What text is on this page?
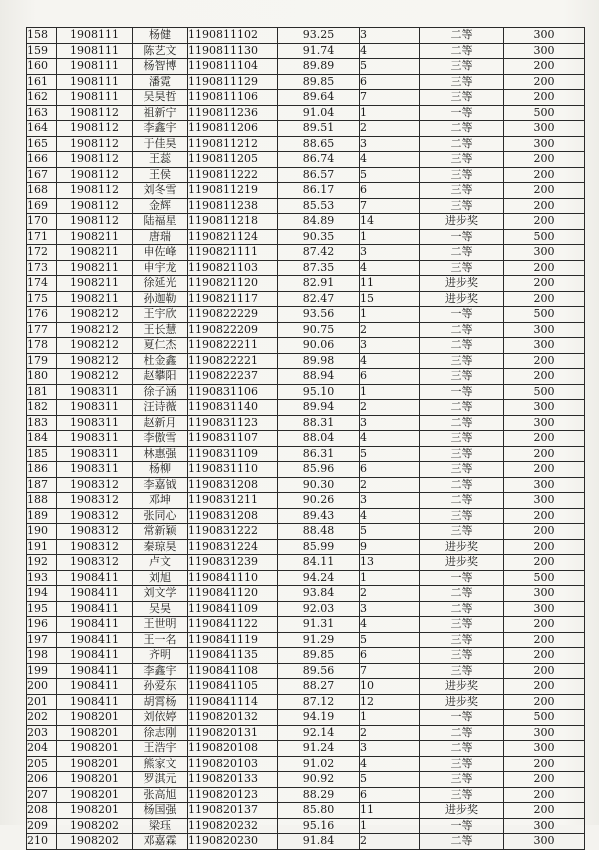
158	1908111	杨健	1190811102	93.25	3	二等	300
159	1908111	陈艺文	1190811130	91.74	4	二等	300
160	1908111	杨智博	1190811104	89.89	5	三等	200
161	1908111	潘霓	1190811129	89.85	6	三等	200
162	1908111	吴昊哲	1190811106	89.64	7	三等	200
163	1908112	祖新宁	1190811236	91.04	1	一等	500
164	1908112	李鑫宇	1190811206	89.51	2	二等	300
165	1908112	于佳昊	1190811212	88.65	3	二等	300
166	1908112	王蕊	1190811205	86.74	4	三等	200
167	1908112	王侯	1190811222	86.57	5	三等	200
168	1908112	刘冬雪	1190811219	86.17	6	三等	200
169	1908112	金辉	1190811238	85.53	7	三等	200
170	1908112	陆福星	1190811218	84.89	14	进步奖	200
171	1908211	唐瑞	1190821124	90.35	1	一等	500
172	1908211	申佐峰	1190821111	87.42	3	二等	300
173	1908211	申宇龙	1190821103	87.35	4	三等	200
174	1908211	徐延光	1190821120	82.91	11	进步奖	200
175	1908211	孙迦勒	1190821117	82.47	15	进步奖	200
176	1908212	王宇欣	1190822229	93.56	1	一等	500
177	1908212	王长慧	1190822209	90.75	2	二等	300
178	1908212	夏仁杰	1190822211	90.06	3	二等	300
179	1908212	杜金鑫	1190822221	89.98	4	三等	200
180	1908212	赵攀阳	1190822237	88.94	6	三等	200
181	1908311	徐子涵	1190831106	95.10	1	一等	500
182	1908311	汪诗薇	1190831140	89.94	2	二等	300
183	1908311	赵新月	1190831123	88.31	3	二等	300
184	1908311	李傲雪	1190831107	88.04	4	三等	200
185	1908311	林惠强	1190831109	86.31	5	三等	200
186	1908311	杨柳	1190831110	85.96	6	三等	200
187	1908312	李嘉钺	1190831208	90.30	2	二等	300
188	1908312	邓坤	1190831211	90.26	3	二等	300
189	1908312	张同心	1190831208	89.43	4	三等	200
190	1908312	常新颖	1190831222	88.48	5	三等	200
191	1908312	秦琼昊	1190831224	85.99	9	进步奖	200
192	1908312	卢文	1190831239	84.11	13	进步奖	200
193	1908411	刘旭	1190841110	94.24	1	一等	500
194	1908411	刘文学	1190841120	93.84	2	二等	300
195	1908411	吴昊	1190841109	92.03	3	二等	300
196	1908411	王世明	1190841122	91.31	4	三等	200
197	1908411	王一名	1190841119	91.29	5	三等	200
198	1908411	齐明	1190841135	89.85	6	三等	200
199	1908411	李鑫宇	1190841108	89.56	7	三等	200
200	1908411	孙爱东	1190841105	88.27	10	进步奖	200
201	1908411	胡霄杨	1190841114	87.12	12	进步奖	200
202	1908201	刘依婷	1190820132	94.19	1	一等	500
203	1908201	徐志刚	1190820131	92.14	2	二等	300
204	1908201	王浩宇	1190820108	91.24	3	二等	300
205	1908201	熊家文	1190820103	91.02	4	三等	200
206	1908201	罗淇元	1190820133	90.92	5	三等	200
207	1908201	张高旭	1190820123	88.29	6	三等	200
208	1908201	杨国强	1190820137	85.80	11	进步奖	200
209	1908202	梁珏	1190820232	95.16	1	一等	300
210	1908202	邓嘉霖	1190820230	91.84	2	二等	300
